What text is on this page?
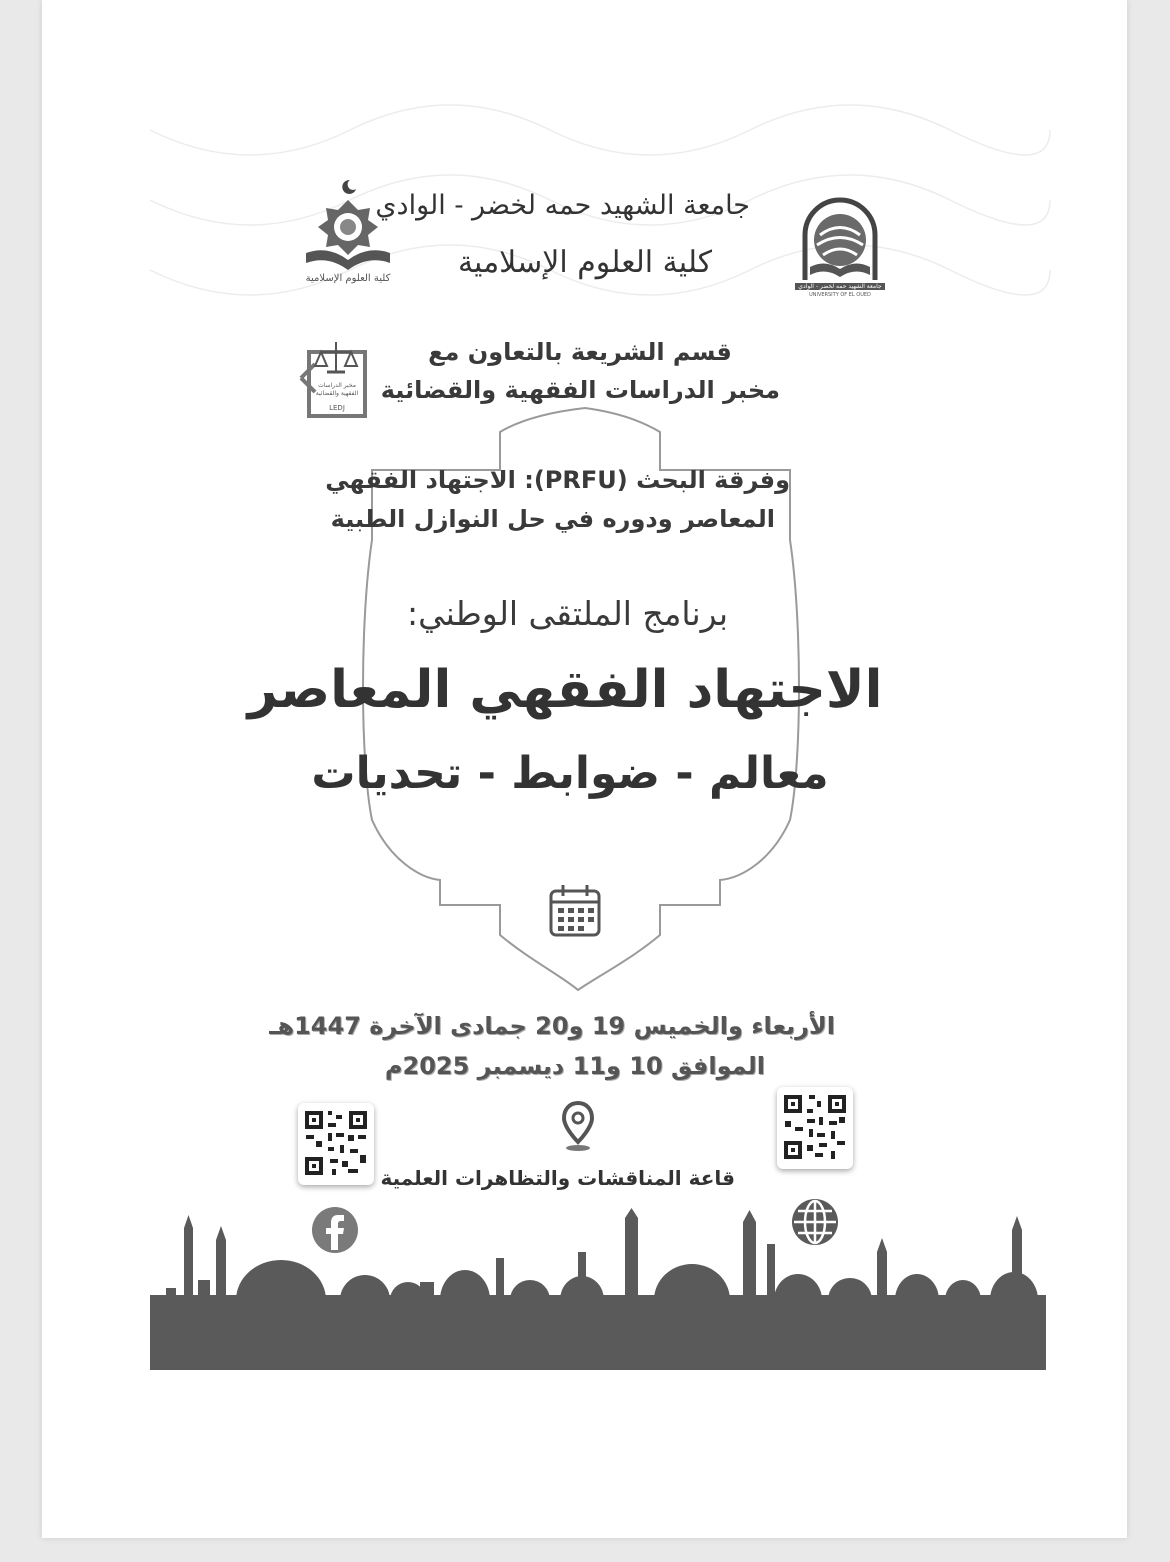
كلية العلوم الإسلامية
جامعة الشهيد حمه لخضر - الوادي
UNIVERSITY OF EL OUED
جامعة الشهيد حمه لخضر - الوادي
كلية العلوم الإسلامية
مخبر الدراسات الفقهية والقضائية
LEDJ
قسم الشريعة بالتعاون مع
مخبر الدراسات الفقهية والقضائية
وفرقة البحث (PRFU): الاجتهاد الفقهي
المعاصر ودوره في حل النوازل الطبية
برنامج الملتقى الوطني:
الاجتهاد الفقهي المعاصر
معالم - ضوابط - تحديات
الأربعاء والخميس 19 و20 جمادى الآخرة 1447هـ
الموافق 10 و11 ديسمبر 2025م
قاعة المناقشات والتظاهرات العلمية
